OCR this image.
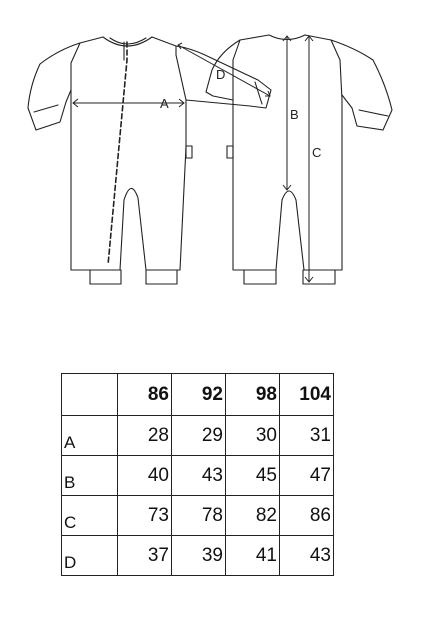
A
D
B
C
	86	92	98	104
A	28	29	30	31
B	40	43	45	47
C	73	78	82	86
D	37	39	41	43
